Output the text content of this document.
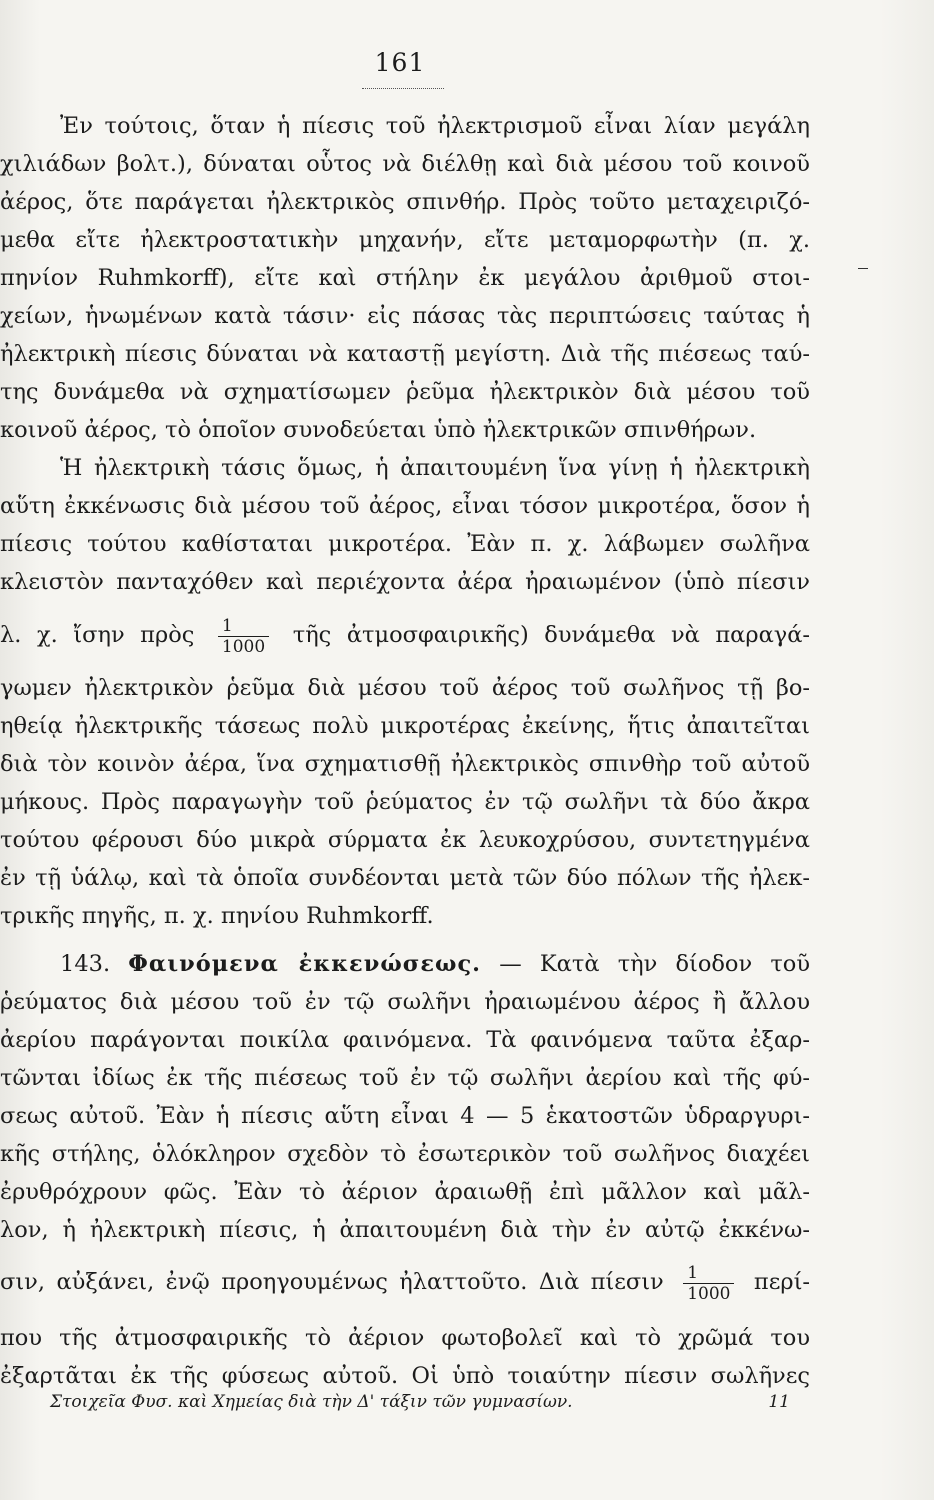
161
Ἐν τούτοις, ὅταν ἡ πίεσις τοῦ ἠλεκτρισμοῦ εἶναι λίαν μεγάλη
χιλιάδων βολτ.), δύναται οὗτος νὰ διέλθῃ καὶ διὰ μέσου τοῦ κοινοῦ
ἀέρος, ὅτε παράγεται ἠλεκτρικὸς σπινθήρ. Πρὸς τοῦτο μεταχειριζό-
μεθα εἴτε ἠλεκτροστατικὴν μηχανήν, εἴτε μεταμορφωτὴν (π. χ.
πηνίον Ruhmkorff), εἴτε καὶ στήλην ἐκ μεγάλου ἀριθμοῦ στοι-
χείων, ἡνωμένων κατὰ τάσιν· εἰς πάσας τὰς περιπτώσεις ταύτας ἡ
ἠλεκτρικὴ πίεσις δύναται νὰ καταστῇ μεγίστη. Διὰ τῆς πιέσεως ταύ-
της δυνάμεθα νὰ σχηματίσωμεν ῥεῦμα ἠλεκτρικὸν διὰ μέσου τοῦ
κοινοῦ ἀέρος, τὸ ὁποῖον συνοδεύεται ὑπὸ ἠλεκτρικῶν σπινθήρων.
Ἡ ἠλεκτρικὴ τάσις ὅμως, ἡ ἀπαιτουμένη ἵνα γίνῃ ἡ ἠλεκτρικὴ
αὕτη ἐκκένωσις διὰ μέσου τοῦ ἀέρος, εἶναι τόσον μικροτέρα, ὅσον ἡ
πίεσις τούτου καθίσταται μικροτέρα. Ἐὰν π. χ. λάβωμεν σωλῆνα
κλειστὸν πανταχόθεν καὶ περιέχοντα ἀέρα ἠραιωμένον (ὑπὸ πίεσιν
λ. χ. ἴσην πρὸς $\frac{1}{1000}$ τῆς ἀτμοσφαιρικῆς) δυνάμεθα νὰ παραγά-
γωμεν ἠλεκτρικὸν ῥεῦμα διὰ μέσου τοῦ ἀέρος τοῦ σωλῆνος τῇ βο-
ηθείᾳ ἠλεκτρικῆς τάσεως πολὺ μικροτέρας ἐκείνης, ἥτις ἀπαιτεῖται
διὰ τὸν κοινὸν ἀέρα, ἵνα σχηματισθῇ ἠλεκτρικὸς σπινθὴρ τοῦ αὐτοῦ
μήκους. Πρὸς παραγωγὴν τοῦ ῥεύματος ἐν τῷ σωλῆνι τὰ δύο ἄκρα
τούτου φέρουσι δύο μικρὰ σύρματα ἐκ λευκοχρύσου, συντετηγμένα
ἐν τῇ ὑάλῳ, καὶ τὰ ὁποῖα συνδέονται μετὰ τῶν δύο πόλων τῆς ἠλεκ-
τρικῆς πηγῆς, π. χ. πηνίου Ruhmkorff.
143. Φαινόμενα ἐκκενώσεως. — Κατὰ τὴν δίοδον τοῦ
ῥεύματος διὰ μέσου τοῦ ἐν τῷ σωλῆνι ἠραιωμένου ἀέρος ἢ ἄλλου
ἀερίου παράγονται ποικίλα φαινόμενα. Τὰ φαινόμενα ταῦτα ἐξαρ-
τῶνται ἰδίως ἐκ τῆς πιέσεως τοῦ ἐν τῷ σωλῆνι ἀερίου καὶ τῆς φύ-
σεως αὐτοῦ. Ἐὰν ἡ πίεσις αὕτη εἶναι 4 — 5 ἑκατοστῶν ὑδραργυρι-
κῆς στήλης, ὁλόκληρον σχεδὸν τὸ ἐσωτερικὸν τοῦ σωλῆνος διαχέει
ἐρυθρόχρουν φῶς. Ἐὰν τὸ ἀέριον ἀραιωθῇ ἐπὶ μᾶλλον καὶ μᾶλ-
λον, ἡ ἠλεκτρικὴ πίεσις, ἡ ἀπαιτουμένη διὰ τὴν ἐν αὐτῷ ἐκκένω-
σιν, αὐξάνει, ἐνῷ προηγουμένως ἠλαττοῦτο. Διὰ πίεσιν $\frac{1}{1000} \pi\varepsilon\rho ί-$
που τῆς ἀτμοσφαιρικῆς τὸ ἀέριον φωτοβολεῖ καὶ τὸ χρῶμά του
ἐξαρτᾶται ἐκ τῆς φύσεως αὐτοῦ. Οἱ ὑπὸ τοιαύτην πίεσιν σωλῆνες
Στοιχεῖα Φυσ. καὶ Χημείας διὰ τὴν Δ' τάξιν τῶν γυμνασίων.	11
